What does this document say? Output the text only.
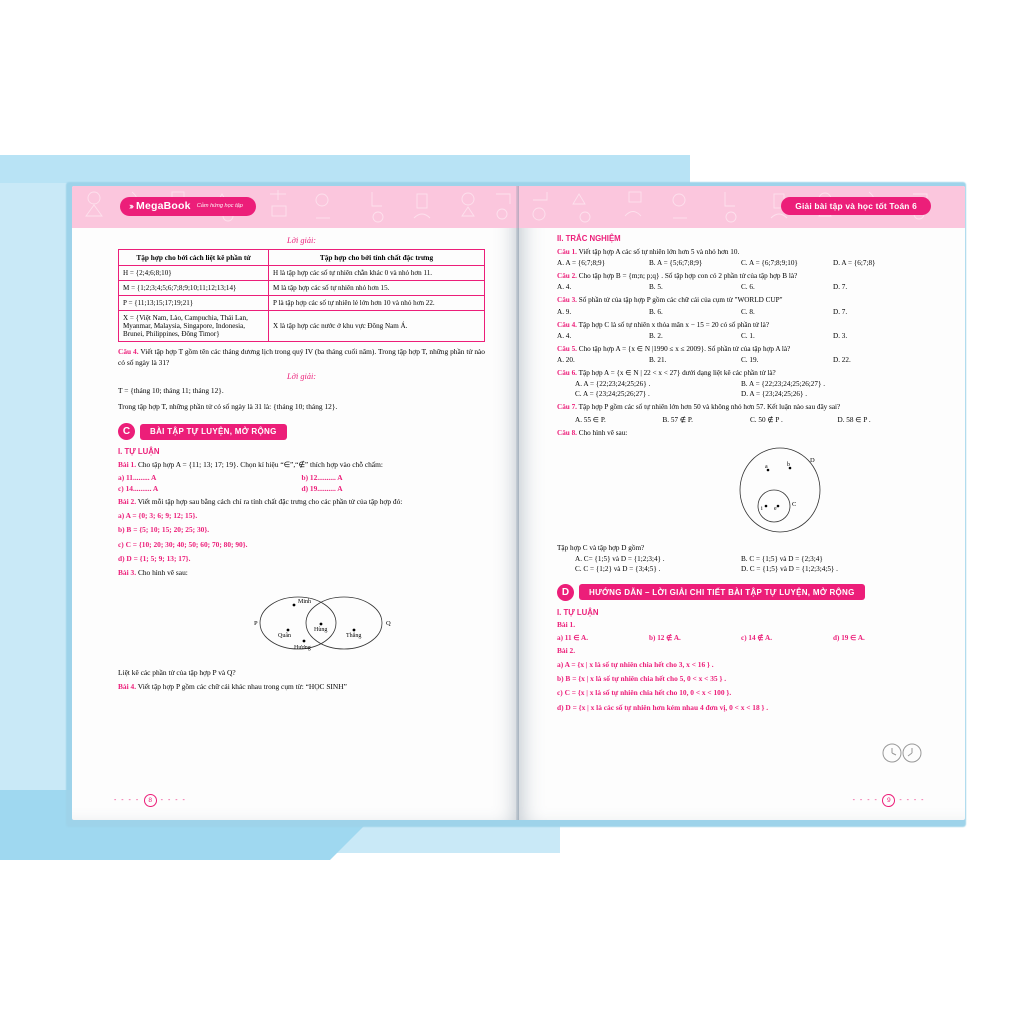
››› MegaBook Cảm hứng học tập
Lời giải:
Tập hợp cho bởi cách liệt kê phần tử	Tập hợp cho bởi tính chất đặc trưng
H = {2;4;6;8;10}	H là tập hợp các số tự nhiên chẵn khác 0 và nhỏ hơn 11.
M = {1;2;3;4;5;6;7;8;9;10;11;12;13;14}	M là tập hợp các số tự nhiên nhỏ hơn 15.
P = {11;13;15;17;19;21}	P là tập hợp các số tự nhiên lẻ lớn hơn 10 và nhỏ hơn 22.
X = {Việt Nam, Lào, Campuchia, Thái Lan, Myanmar, Malaysia, Singapore, Indonesia, Brunei, Philippines, Đông Timor}	X là tập hợp các nước ở khu vực Đông Nam Á.
Câu 4. Viết tập hợp T gồm tên các tháng dương lịch trong quý IV (ba tháng cuối năm). Trong tập hợp T, những phần tử nào có số ngày là 31?
Lời giải:
T = {tháng 10; tháng 11; tháng 12}.
Trong tập hợp T, những phần tử có số ngày là 31 là: {tháng 10; tháng 12}.
C	BÀI TẬP TỰ LUYỆN, MỞ RỘNG
I. TỰ LUẬN
Bài 1. Cho tập hợp A = {11; 13; 17; 19}. Chọn kí hiệu “∈”,“∉” thích hợp vào chỗ chấm:
a) 11......... A	b) 12.......... A
c) 14.......... A	d) 19.......... A
Bài 2. Viết mỗi tập hợp sau bằng cách chỉ ra tính chất đặc trưng cho các phần tử của tập hợp đó:
a) A = {0; 3; 6; 9; 12; 15}.
b) B = {5; 10; 15; 20; 25; 30}.
c) C = {10; 20; 30; 40; 50; 60; 70; 80; 90}.
d) D = {1; 5; 9; 13; 17}.
Bài 3. Cho hình vẽ sau:
Minh
P
Quân
Hùng
Hương
Thắng
Q
Liệt kê các phần tử của tập hợp P và Q?
Bài 4. Viết tập hợp P gồm các chữ cái khác nhau trong cụm từ: “HỌC SINH”
- - - -	8	- - - -
Giải bài tập và học tốt Toán 6
II. TRẮC NGHIỆM
Câu 1. Viết tập hợp A các số tự nhiên lớn hơn 5 và nhỏ hơn 10.
A. A = {6;7;8;9}	B. A = {5;6;7;8;9}	C. A = {6;7;8;9;10}	D. A = {6;7;8}
Câu 2. Cho tập hợp B = {m;n; p;q} . Số tập hợp con có 2 phần tử của tập hợp B là?
A. 4.	B. 5.	C. 6.	D. 7.
Câu 3. Số phần tử của tập hợp P gồm các chữ cái của cụm từ "WORLD CUP"
A. 9.	B. 6.	C. 8.	D. 7.
Câu 4. Tập hợp C là số tự nhiên x thỏa mãn x − 15 = 20 có số phần tử là?
A. 4.	B. 2.	C. 1.	D. 3.
Câu 5. Cho tập hợp A = {x ∈ N |1990 ≤ x ≤ 2009}. Số phần tử của tập hợp A là?
A. 20.	B. 21.	C. 19.	D. 22.
Câu 6. Tập hợp A = {x ∈ N | 22 < x < 27} dưới dạng liệt kê các phần tử là?
A. A = {22;23;24;25;26} .	B. A = {22;23;24;25;26;27} .
C. A = {23;24;25;26;27} .	D. A = {23;24;25;26} .
Câu 7. Tập hợp P gồm các số tự nhiên lớn hơn 50 và không nhỏ hơn 57. Kết luận nào sau đây sai?
A. 55 ∈ P.	B. 57 ∉ P.	C. 50 ∉ P .	D. 58 ∈ P .
Câu 8. Cho hình vẽ sau:
a	b
D
i e
C
Tập hợp C và tập hợp D gồm?
A. C= {1;5} và D = {1;2;3;4} .	B. C = {1;5} và D = {2;3;4}
C. C = {1;2} và D = {3;4;5} .	D. C = {1;5} và D = {1;2;3;4;5} .
D	HƯỚNG DẪN – LỜI GIẢI CHI TIẾT BÀI TẬP TỰ LUYỆN, MỞ RỘNG
I. TỰ LUẬN
Bài 1.
a) 11 ∈ A.	b) 12 ∉ A.	c) 14 ∉ A.	d) 19 ∈ A.
Bài 2.
a) A = {x | x là số tự nhiên chia hết cho 3, x < 16 } .
b) B = {x | x là số tự nhiên chia hết cho 5, 0 < x < 35 } .
c) C = {x | x là số tự nhiên chia hết cho 10, 0 < x < 100 }.
d) D = {x | x là các số tự nhiên hơn kém nhau 4 đơn vị, 0 < x < 18 } .
- - - -	9	- - - -
